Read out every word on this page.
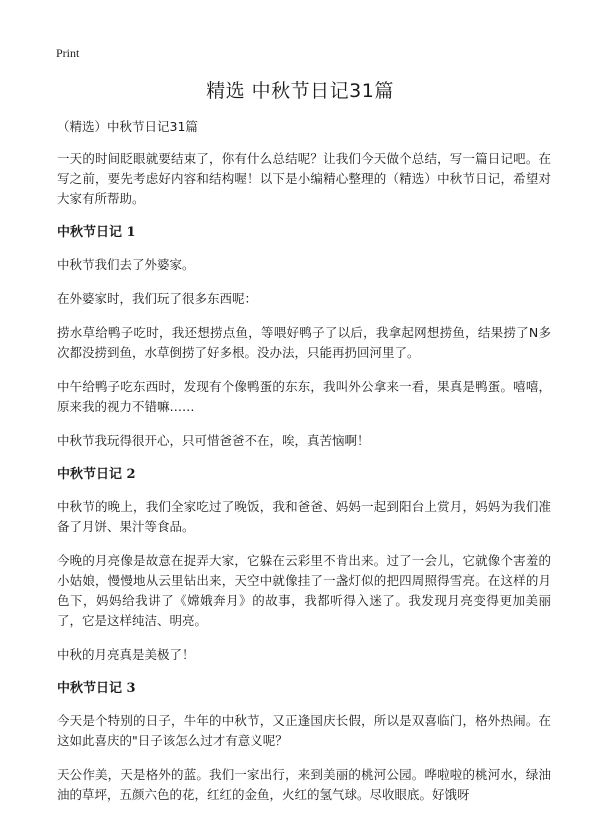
Print
精选 中秋节日记31篇
（精选）中秋节日记31篇

一天的时间眨眼就要结束了，你有什么总结呢？让我们今天做个总结，写一篇日记吧。在写之前，要先考虑好内容和结构喔！以下是小编精心整理的（精选）中秋节日记，希望对大家有所帮助。

中秋节日记 1

中秋节我们去了外婆家。

在外婆家时，我们玩了很多东西呢：

捞水草给鸭子吃时，我还想捞点鱼，等喂好鸭子了以后，我拿起网想捞鱼，结果捞了N多次都没捞到鱼，水草倒捞了好多根。没办法，只能再扔回河里了。

中午给鸭子吃东西时，发现有个像鸭蛋的东东，我叫外公拿来一看，果真是鸭蛋。嘻嘻，原来我的视力不错嘛……

中秋节我玩得很开心，只可惜爸爸不在，唉，真苦恼啊！

中秋节日记 2

中秋节的晚上，我们全家吃过了晚饭，我和爸爸、妈妈一起到阳台上赏月，妈妈为我们准备了月饼、果汁等食品。

今晚的月亮像是故意在捉弄大家，它躲在云彩里不肯出来。过了一会儿，它就像个害羞的小姑娘，慢慢地从云里钻出来，天空中就像挂了一盏灯似的把四周照得雪亮。在这样的月色下，妈妈给我讲了《嫦娥奔月》的故事，我都听得入迷了。我发现月亮变得更加美丽了，它是这样纯洁、明亮。

中秋的月亮真是美极了！

中秋节日记 3

今天是个特别的日子，牛年的中秋节，又正逢国庆长假，所以是双喜临门，格外热闹。在这如此喜庆的"日子该怎么过才有意义呢？

天公作美，天是格外的蓝。我们一家出行，来到美丽的桃河公园。哗啦啦的桃河水，绿油油的草坪，五颜六色的花，红红的金鱼，火红的氢气球。尽收眼底。好饿呀
